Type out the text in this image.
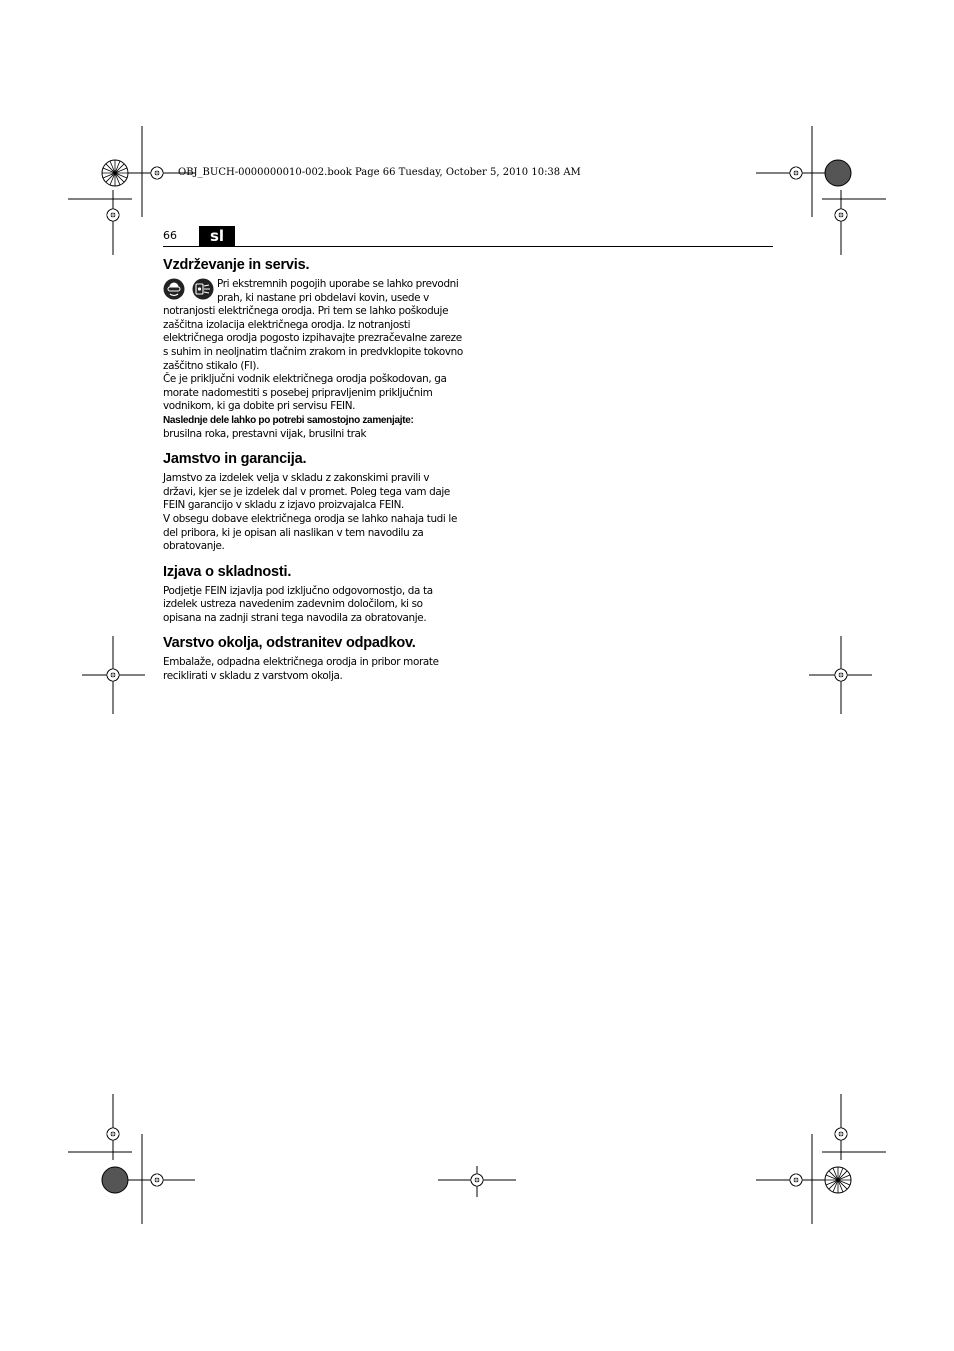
OBJ_BUCH-0000000010-002.book Page 66 Tuesday, October 5, 2010 10:38 AM
66	sl
Vzdrževanje in servis.

Pri ekstremnih pogojih uporabe se lahko prevodni prah, ki nastane pri obdelavi kovin, usede v notranjosti električnega orodja. Pri tem se lahko poškoduje zaščitna izolacija električnega orodja. Iz notranjosti električnega orodja pogosto izpihavajte prezračevalne zareze s suhim in neoljnatim tlačnim zrakom in predvklopite tokovno zaščitno stikalo (FI).

Če je priključni vodnik električnega orodja poškodovan, ga morate nadomestiti s posebej pripravljenim priključnim vodnikom, ki ga dobite pri servisu FEIN.

Naslednje dele lahko po potrebi samostojno zamenjajte:

brusilna roka, prestavni vijak, brusilni trak

Jamstvo in garancija.

Jamstvo za izdelek velja v skladu z zakonskimi pravili v državi, kjer se je izdelek dal v promet. Poleg tega vam daje FEIN garancijo v skladu z izjavo proizvajalca FEIN.

V obsegu dobave električnega orodja se lahko nahaja tudi le del pribora, ki je opisan ali naslikan v tem navodilu za obratovanje.

Izjava o skladnosti.

Podjetje FEIN izjavlja pod izključno odgovornostjo, da ta izdelek ustreza navedenim zadevnim določilom, ki so opisana na zadnji strani tega navodila za obratovanje.

Varstvo okolja, odstranitev odpadkov.

Embalaže, odpadna električnega orodja in pribor morate reciklirati v skladu z varstvom okolja.
